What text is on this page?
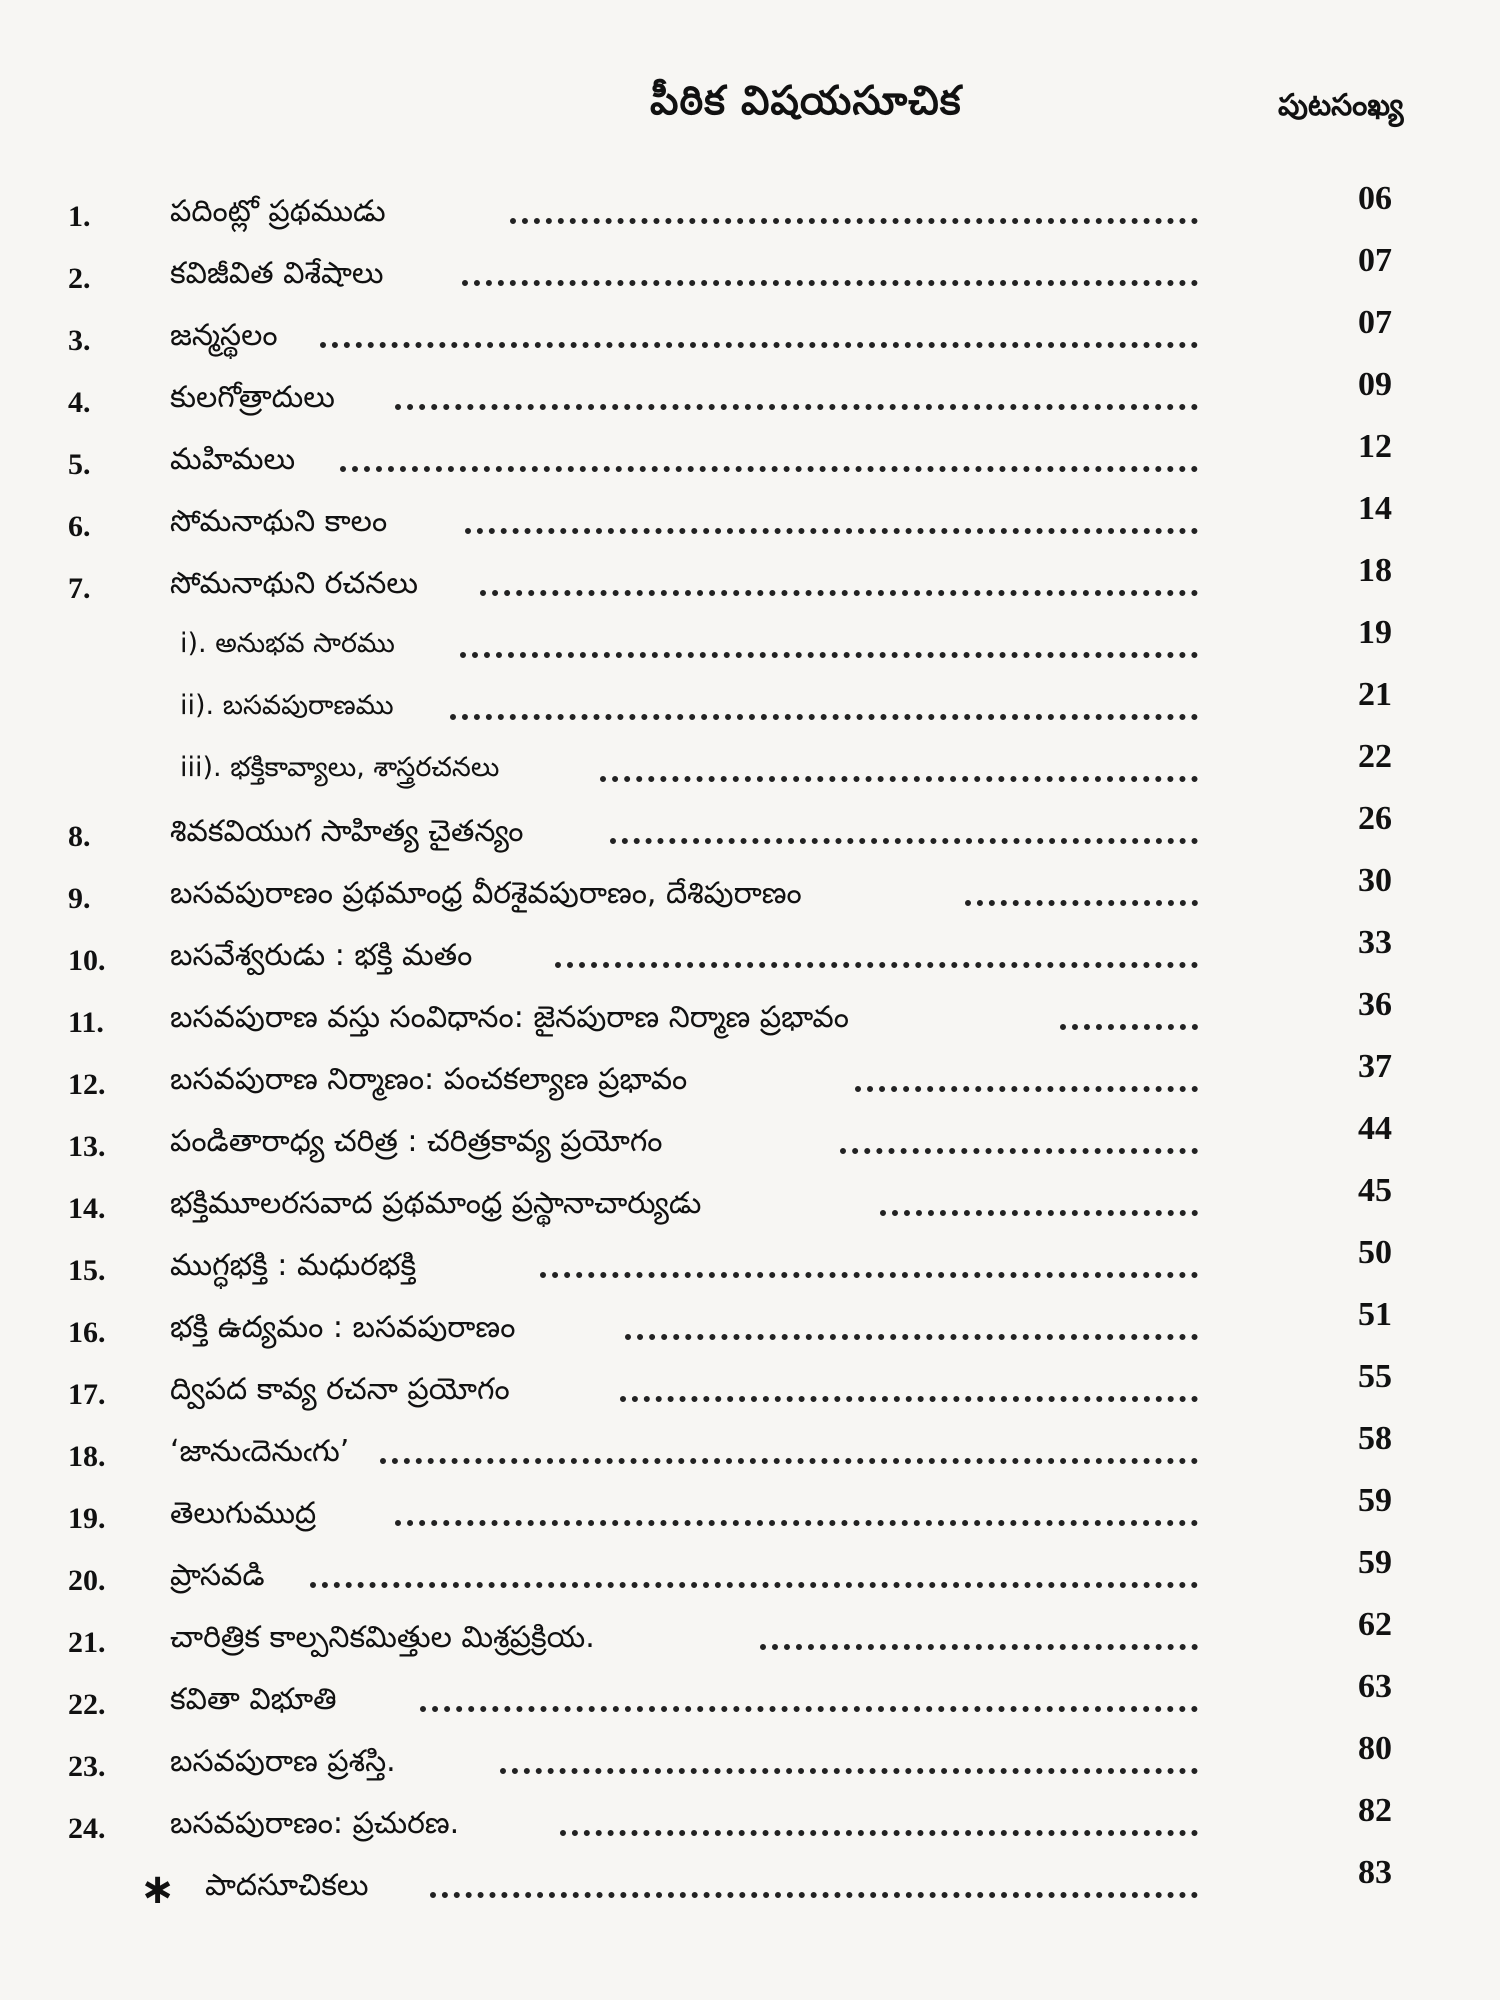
పీఠిక విషయసూచిక	పుటసంఖ్య
1.	పదింట్లో ప్రథముడు	06
2.	కవిజీవిత విశేషాలు	07
3.	జన్మస్థలం	07
4.	కులగోత్రాదులు	09
5.	మహిమలు	12
6.	సోమనాథుని కాలం	14
7.	సోమనాథుని రచనలు	18
i). అనుభవ సారము	19
ii). బసవపురాణము	21
iii). భక్తికావ్యాలు, శాస్త్రరచనలు	22
8.	శివకవియుగ సాహిత్య చైతన్యం	26
9.	బసవపురాణం ప్రథమాంధ్ర వీరశైవపురాణం, దేశిపురాణం	30
10. బసవేశ్వరుడు : భక్తి మతం	33
11. బసవపురాణ వస్తు సంవిధానం: జైనపురాణ నిర్మాణ ప్రభావం	36
12. బసవపురాణ నిర్మాణం: పంచకల్యాణ ప్రభావం	37
13. పండితారాధ్య చరిత్ర : చరిత్రకావ్య ప్రయోగం	44
14. భక్తిమూలరసవాద ప్రథమాంధ్ర ప్రస్థానాచార్యుడు	45
15. ముగ్ధభక్తి : మధురభక్తి	50
16. భక్తి ఉద్యమం : బసవపురాణం	51
17. ద్విపద కావ్య రచనా ప్రయోగం	55
18. ‘జానుఁదెనుఁగు’	58
19. తెలుగుముద్ర	59
20. ప్రాసవడి	59
21. చారిత్రిక కాల్పనికమిత్తుల మిశ్రప్రక్రియ.	62
22. కవితా విభూతి	63
23. బసవపురాణ ప్రశస్తి.	80
24. బసవపురాణం: ప్రచురణ.	82
∗ పాదసూచికలు	83
